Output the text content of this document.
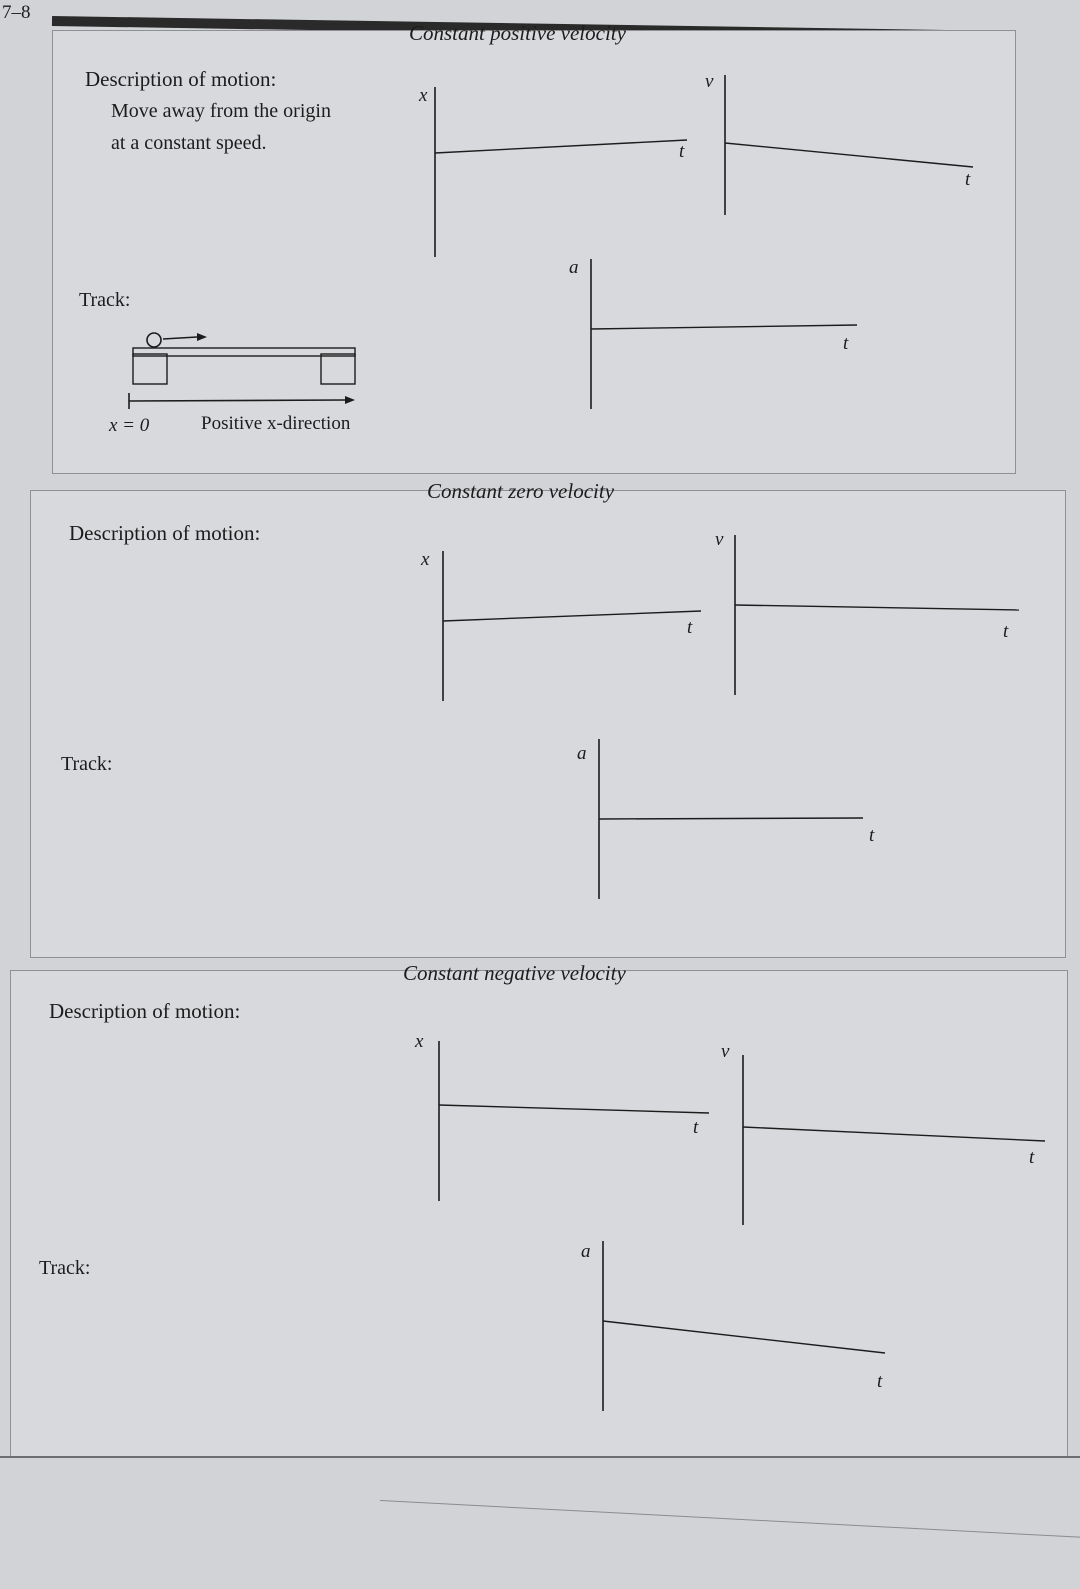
7–8
Constant positive velocity
Description of motion:
Move away from the origin
at a constant speed.
Track:
x = 0	Positive x-direction
x
t
v
t
a
t
Constant zero velocity
Description of motion:
Track:
x
t
v
t
a
t
Constant negative velocity
Description of motion:
Track:
x
t
v
t
a
t
